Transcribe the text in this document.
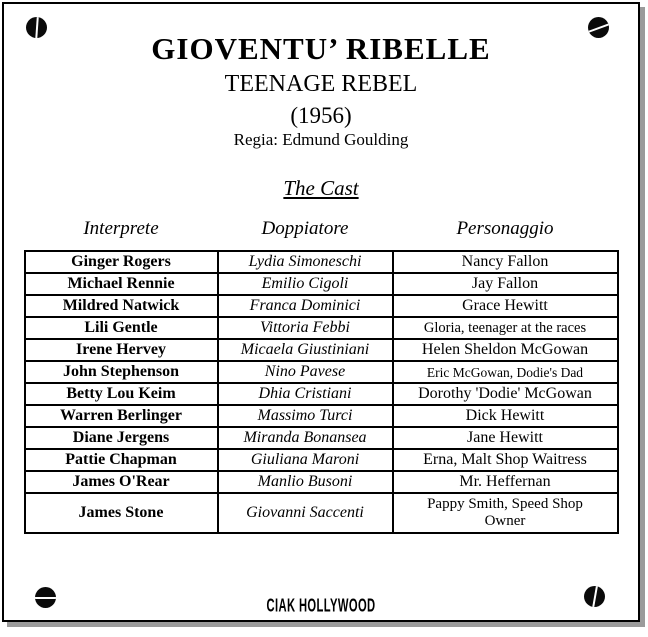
GIOVENTU’ RIBELLE
TEENAGE REBEL
(1956)
Regia: Edmund Goulding
The Cast
Interprete	Doppiatore	Personaggio
Ginger Rogers	Lydia Simoneschi	Nancy Fallon
Michael Rennie	Emilio Cigoli	Jay Fallon
Mildred Natwick	Franca Dominici	Grace Hewitt
Lili Gentle	Vittoria Febbi	Gloria, teenager at the races
Irene Hervey	Micaela Giustiniani	Helen Sheldon McGowan
John Stephenson	Nino Pavese	Eric McGowan, Dodie's Dad
Betty Lou Keim	Dhia Cristiani	Dorothy 'Dodie' McGowan
Warren Berlinger	Massimo Turci	Dick Hewitt
Diane Jergens	Miranda Bonansea	Jane Hewitt
Pattie Chapman	Giuliana Maroni	Erna, Malt Shop Waitress
James O'Rear	Manlio Busoni	Mr. Heffernan
James Stone	Giovanni Saccenti	Pappy Smith, Speed Shop Owner
CIAK HOLLYWOOD
